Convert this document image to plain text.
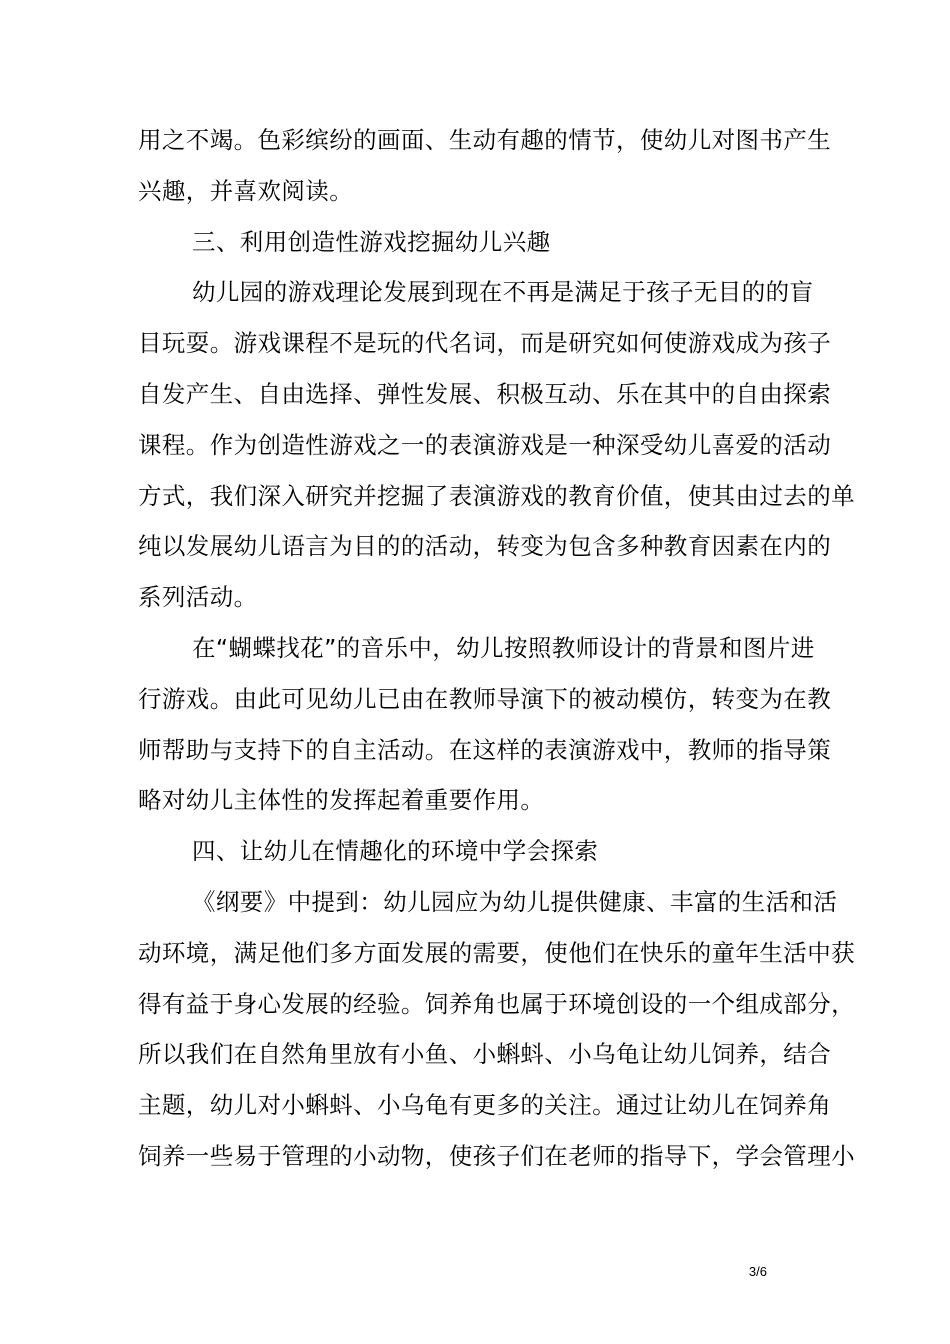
用之不竭。色彩缤纷的画面、生动有趣的情节，使幼儿对图书产生
兴趣，并喜欢阅读。

三、利用创造性游戏挖掘幼儿兴趣

幼儿园的游戏理论发展到现在不再是满足于孩子无目的的盲
目玩耍。游戏课程不是玩的代名词，而是研究如何使游戏成为孩子
自发产生、自由选择、弹性发展、积极互动、乐在其中的自由探索
课程。作为创造性游戏之一的表演游戏是一种深受幼儿喜爱的活动
方式，我们深入研究并挖掘了表演游戏的教育价值，使其由过去的单
纯以发展幼儿语言为目的的活动，转变为包含多种教育因素在内的
系列活动。

在“蝴蝶找花”的音乐中，幼儿按照教师设计的背景和图片进
行游戏。由此可见幼儿已由在教师导演下的被动模仿，转变为在教
师帮助与支持下的自主活动。在这样的表演游戏中，教师的指导策
略对幼儿主体性的发挥起着重要作用。

四、让幼儿在情趣化的环境中学会探索

《纲要》中提到：幼儿园应为幼儿提供健康、丰富的生活和活
动环境，满足他们多方面发展的需要，使他们在快乐的童年生活中获
得有益于身心发展的经验。饲养角也属于环境创设的一个组成部分，
所以我们在自然角里放有小鱼、小蝌蚪、小乌龟让幼儿饲养，结合
主题，幼儿对小蝌蚪、小乌龟有更多的关注。通过让幼儿在饲养角
饲养一些易于管理的小动物，使孩子们在老师的指导下，学会管理小

3/6
